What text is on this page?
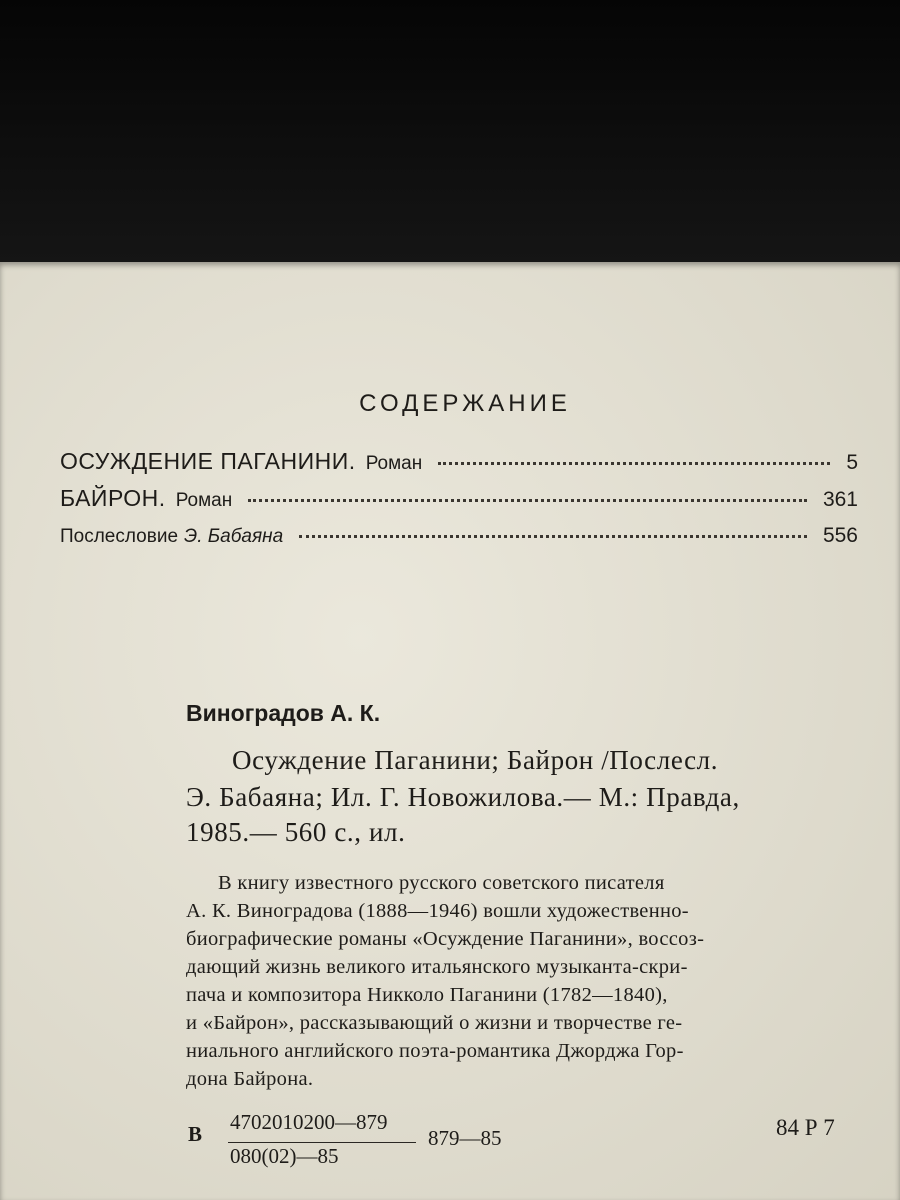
СОДЕРЖАНИЕ
ОСУЖДЕНИЕ ПАГАНИНИ. Роман	5
БАЙРОН. Роман	361
Послесловие Э. Бабаяна	556
Виноградов А. К.
Осуждение Паганини; Байрон /Послесл.
Э. Бабаяна; Ил. Г. Новожилова.— М.: Правда,
1985.— 560 с., ил.
В книгу известного русского советского писателя
А. К. Виноградова (1888—1946) вошли художественно-
биографические романы «Осуждение Паганини», воссоз-
дающий жизнь великого итальянского музыканта-скри-
пача и композитора Никколо Паганини (1782—1840),
и «Байрон», рассказывающий о жизни и творчестве ге-
ниального английского поэта-романтика Джорджа Гор-
дона Байрона.
В 4702010200—879
080(02)—85
879—85	84 Р 7
